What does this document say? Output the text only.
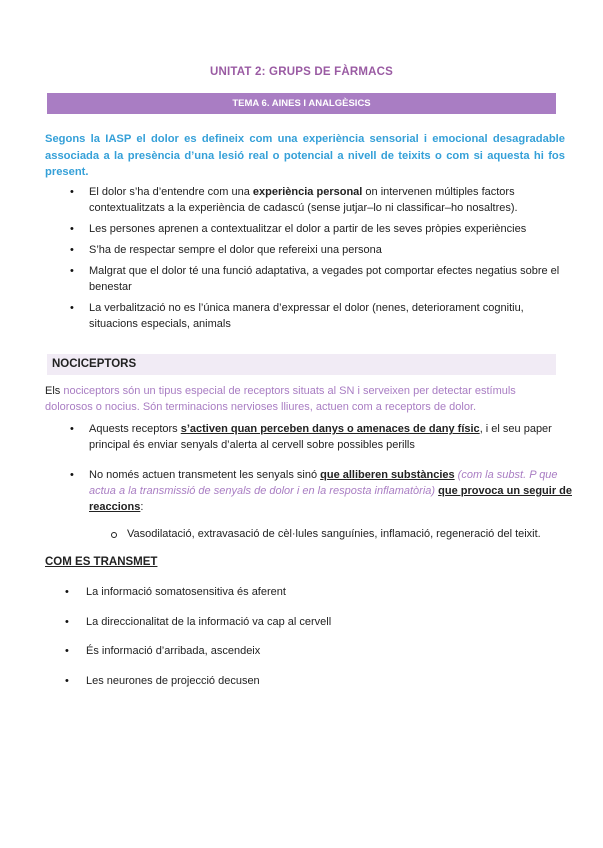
UNITAT 2: GRUPS DE FÀRMACS
TEMA 6. AINES I ANALGÈSICS
Segons la IASP el dolor es defineix com una experiència sensorial i emocional desagradable associada a la presència d’una lesió real o potencial a nivell de teixits o com si aquesta hi fos present.
• El dolor s’ha d’entendre com una experiència personal on intervenen múltiples factors contextualitzats a la experiència de cadascú (sense jutjar–lo ni classificar–ho nosaltres).
• Les persones aprenen a contextualitzar el dolor a partir de les seves pròpies experiències
• S’ha de respectar sempre el dolor que refereixi una persona
• Malgrat que el dolor té una funció adaptativa, a vegades pot comportar efectes negatius sobre el benestar
• La verbalització no es l’única manera d’expressar el dolor (nenes, deteriorament cognitiu, situacions especials, animals
NOCICEPTORS
Els nociceptors són un tipus especial de receptors situats al SN i serveixen per detectar estímuls dolorosos o nocius. Són terminacions nervioses lliures, actuen com a receptors de dolor.
• Aquests receptors s’activen quan perceben danys o amenaces de dany físic, i el seu paper principal és enviar senyals d’alerta al cervell sobre possibles perills
• No només actuen transmetent les senyals sinó que alliberen substàncies (com la subst. P que actua a la transmissió de senyals de dolor i en la resposta inflamatòria) que provoca un seguir de reaccions:
Vasodilatació, extravasació de cèl·lules sanguínies, inflamació, regeneració del teixit.
COM ES TRANSMET
• La informació somatosensitiva és aferent
• La direccionalitat de la informació va cap al cervell
• És informació d’arribada, ascendeix
• Les neurones de projecció decusen
